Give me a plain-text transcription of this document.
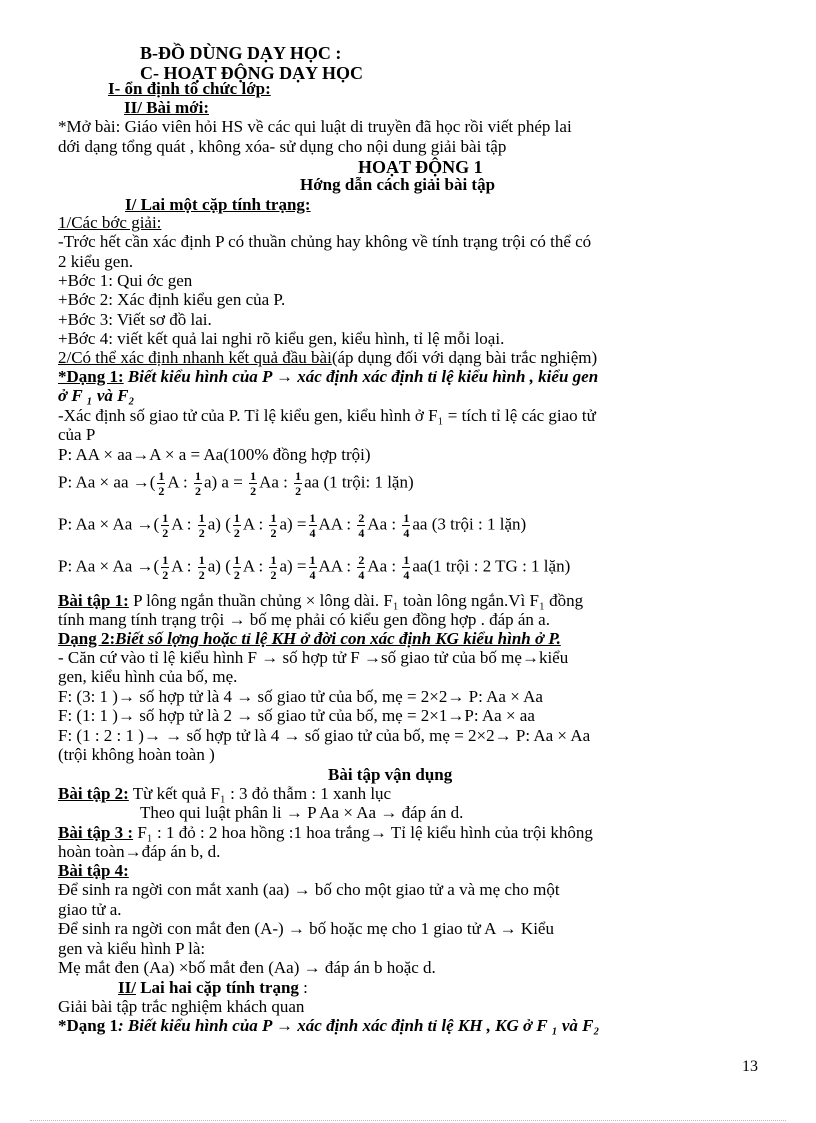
B-ĐỒ DÙNG DẠY HỌC :
C- HOẠT ĐỘNG DẠY HỌC
I- ổn định tổ chức lớp:
II/ Bài mới:
*Mở bài: Giáo viên hỏi HS về các qui luật di truyền đã học rồi viết phép lai
dới dạng tổng quát , không xóa- sử dụng cho nội dung giải bài tập
HOẠT ĐỘNG 1
Hớng dẫn cách giải bài tập
I/ Lai một cặp tính trạng:
1/Các bớc giải:
-Trớc hết cần xác định P có thuần chủng hay không về tính trạng trội có thể có
2 kiểu gen.
+Bớc 1: Qui ớc gen
+Bớc 2: Xác định kiểu gen của P.
+Bớc 3: Viết sơ đồ lai.
+Bớc 4: viết kết quả lai nghi rõ kiểu gen, kiểu hình, tỉ lệ mỗi loại.
2/Có thể xác định nhanh kết quả đầu bài(áp dụng đối với dạng bài trắc nghiệm)
*Dạng 1: Biết kiểu hình của P → xác định xác định tỉ lệ kiểu hình , kiểu gen
ở F ₁ và F₂
-Xác định số giao tử của P. Tỉ lệ kiểu gen, kiểu hình ở F₁ = tích tỉ lệ các giao tử
của P
P: AA × aa→A × a = Aa(100% đồng hợp trội)
P: Aa × aa →( $\frac{1}{2}$ A : $\frac{1}{2} a$) $a = \frac{1}{2}$ Aa : $\frac{1}{2}$ aa (1 trội: 1 lặn)
P: Aa × Aa →( $\frac{1}{2}$ A : $\frac{1}{2} a$) ( $\frac{1}{2}$ A : $\frac{1}{2} a) = \frac{1}{4}$ AA : $\frac{2}{4}$ Aa : $\frac{1}{4}$ aa (3 trội : 1 lặn)
P: Aa × Aa →( $\frac{1}{2}$ A : $\frac{1}{2} a$) ( $\frac{1}{2}$ A : $\frac{1}{2} a) = \frac{1}{4}$ AA : $\frac{2}{4}$ Aa : $\frac{1}{4} aa(1$ trội : 2 TG : 1 lặn)
Bài tập 1: P lông ngắn thuần chủng × lông dài. F₁ toàn lông ngắn.Vì F₁ đồng
tính mang tính trạng trội → bố mẹ phải có kiểu gen đồng hợp . đáp án a.
Dạng 2:Biết số lợng hoặc tỉ lệ KH ở đời con xác định KG kiểu hình ở P.
- Căn cứ vào tỉ lệ kiểu hình F → số hợp tử F →số giao tử của bố mẹ→kiểu
gen, kiểu hình của bố, mẹ.
F: (3: 1 )→ số hợp tử là 4 → số giao tử của bố, mẹ = 2×2→ P: Aa × Aa
F: (1: 1 )→ số hợp tử là 2 → số giao tử của bố, mẹ = 2×1→P: Aa × aa
F: (1 : 2 : 1 )→ → số hợp tử là 4 → số giao tử của bố, mẹ = 2×2→ P: Aa × Aa
(trội không hoàn toàn )
Bài tập vận dụng
Bài tập 2: Từ kết quả F₁ : 3 đỏ thẫm : 1 xanh lục
Theo qui luật phân li → P Aa × Aa → đáp án d.
Bài tập 3 : F₁ : 1 đỏ : 2 hoa hồng :1 hoa trắng→ Tỉ lệ kiểu hình của trội không
hoàn toàn→đáp án b, d.
Bài tập 4:
Để sinh ra ngời con mắt xanh (aa) → bố cho một giao tử a và mẹ cho một
giao tử a.
Để sinh ra ngời con mắt đen (A-) → bố hoặc mẹ cho 1 giao tử A → Kiểu
gen và kiểu hình P là:
Mẹ mắt đen (Aa) ×bố mắt đen (Aa) → đáp án b hoặc d.
II/ Lai hai cặp tính trạng :
Giải bài tập trắc nghiệm khách quan
*Dạng 1: Biết kiểu hình của P → xác định xác định tỉ lệ KH , KG ở F ₁ và F₂
13
